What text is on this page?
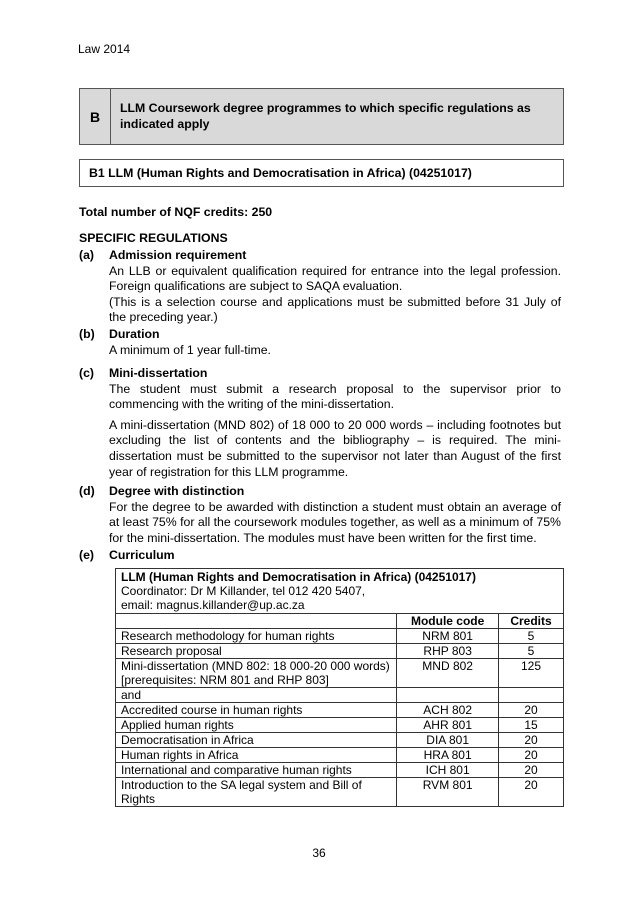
Law 2014
B
LLM Coursework degree programmes to which specific regulations as indicated apply
B1 LLM (Human Rights and Democratisation in Africa) (04251017)
Total number of NQF credits: 250
SPECIFIC REGULATIONS
(a) Admission requirement

An LLB or equivalent qualification required for entrance into the legal profession. Foreign qualifications are subject to SAQA evaluation.

(This is a selection course and applications must be submitted before 31 July of the preceding year.)

(b) Duration

A minimum of 1 year full-time.

(c) Mini-dissertation

The student must submit a research proposal to the supervisor prior to commencing with the writing of the mini-dissertation.

A mini-dissertation (MND 802) of 18 000 to 20 000 words – including footnotes but excluding the list of contents and the bibliography – is required. The mini-dissertation must be submitted to the supervisor not later than August of the first year of registration for this LLM programme.

(d) Degree with distinction

For the degree to be awarded with distinction a student must obtain an average of at least 75% for all the coursework modules together, as well as a minimum of 75% for the mini-dissertation. The modules must have been written for the first time.

(e) Curriculum
LLM (Human Rights and Democratisation in Africa) (04251017)
Coordinator: Dr M Killander, tel 012 420 5407,
email: magnus.killander@up.ac.za		

	Module code	Credits
Research methodology for human rights	NRM 801	5
Research proposal	RHP 803	5

Mini-dissertation (MND 802: 18 000-20 000 words)
[prerequisites: NRM 801 and RHP 803]	MND 802	125
and		
Accredited course in human rights	ACH 802	20
Applied human rights	AHR 801	15
Democratisation in Africa	DIA 801	20
Human rights in Africa	HRA 801	20
International and comparative human rights	ICH 801	20
Introduction to the SA legal system and Bill of Rights	RVM 801	20
36
